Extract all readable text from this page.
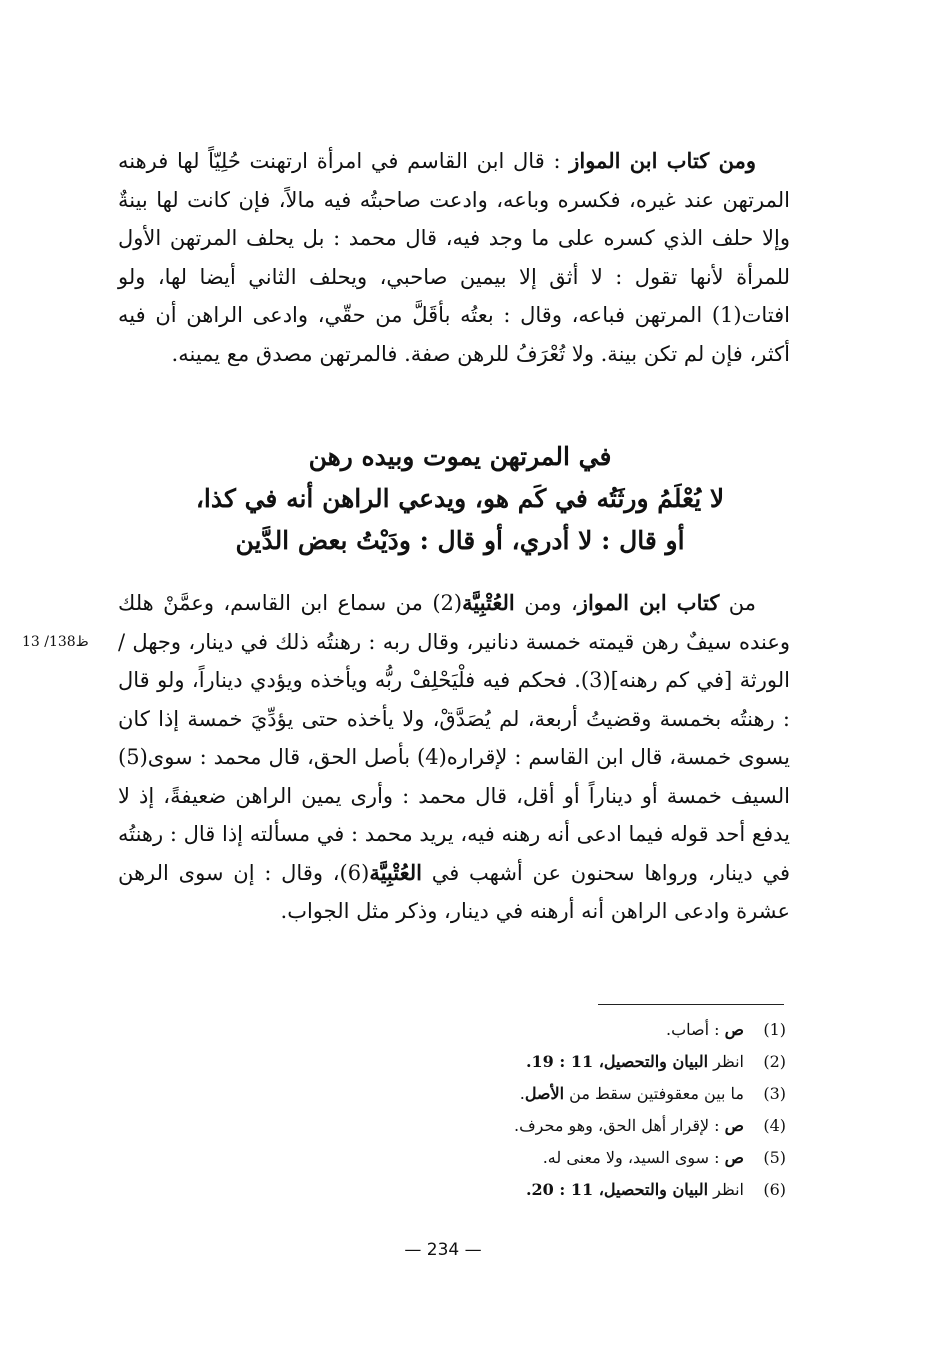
ومن كتاب ابن المواز : قال ابن القاسم في امرأة ارتهنت حُلِيّاً لها فرهنه المرتهن عند غيره، فكسره وباعه، وادعت صاحبتُه فيه مالاً، فإن كانت لها بينةٌ وإلا حلف الذي كسره على ما وجد فيه، قال محمد : بل يحلف المرتهن الأول للمرأة لأنها تقول : لا أثق إلا بيمين صاحبي، ويحلف الثاني أيضا لها، ولو افتات(1) المرتهن فباعه، وقال : بعتُه بأقَلَّ من حقّي، وادعى الراهن أن فيه أكثر، فإن لم تكن بينة. ولا تُعْرَفُ للرهن صفة. فالمرتهن مصدق مع يمينه.

في المرتهن يموت وبيده رهن
لا يُعْلَمُ ورثَتُه في كَم هو، ويدعي الراهن أنه في كذا،
أو قال : لا أدري، أو قال : ودَيْتُ بعض الدَّين

من كتاب ابن المواز، ومن العُتْبِيَّة(2) من سماع ابن القاسم، وعمَّنْ هلك وعنده سيفٌ رهن قيمته خمسة دنانير، وقال ربه : رهنتُه ذلك في دينار، وجهل / الورثة [في كم رهنه](3). فحكم فيه فلْيَحْلِفْ ربُّه ويأخذه ويؤدي ديناراً، ولو قال : رهنتُه بخمسة وقضيتُ أربعة، لم يُصَدَّقْ، ولا يأخذه حتى يؤدِّيَ خمسة إذا كان يسوى خمسة، قال ابن القاسم : لإقراره(4) بأصل الحق، قال محمد : سوى(5) السيف خمسة أو ديناراً أو أقل، قال محمد : وأرى يمين الراهن ضعيفةً، إذ لا يدفع أحد قوله فيما ادعى أنه رهنه فيه، يريد محمد : في مسألته إذا قال : رهنتُه في دينار، ورواها سحنون عن أشهب في العُتْبِيَّة(6)، وقال : إن سوى الرهن عشرة وادعى الراهن أنه أرهنه في دينار، وذكر مثل الجواب.

13 /138ظ
(1)
ص : أصاب.
(2)
انظر البيان والتحصيل، 11 : 19.
(3)
ما بين معقوفتين سقط من الأصل.
(4)
ص : لإقرار أهل الحق، وهو محرف.
(5)
ص : سوى السيد، ولا معنى له.
(6)
انظر البيان والتحصيل، 11 : 20.
— 234 —
